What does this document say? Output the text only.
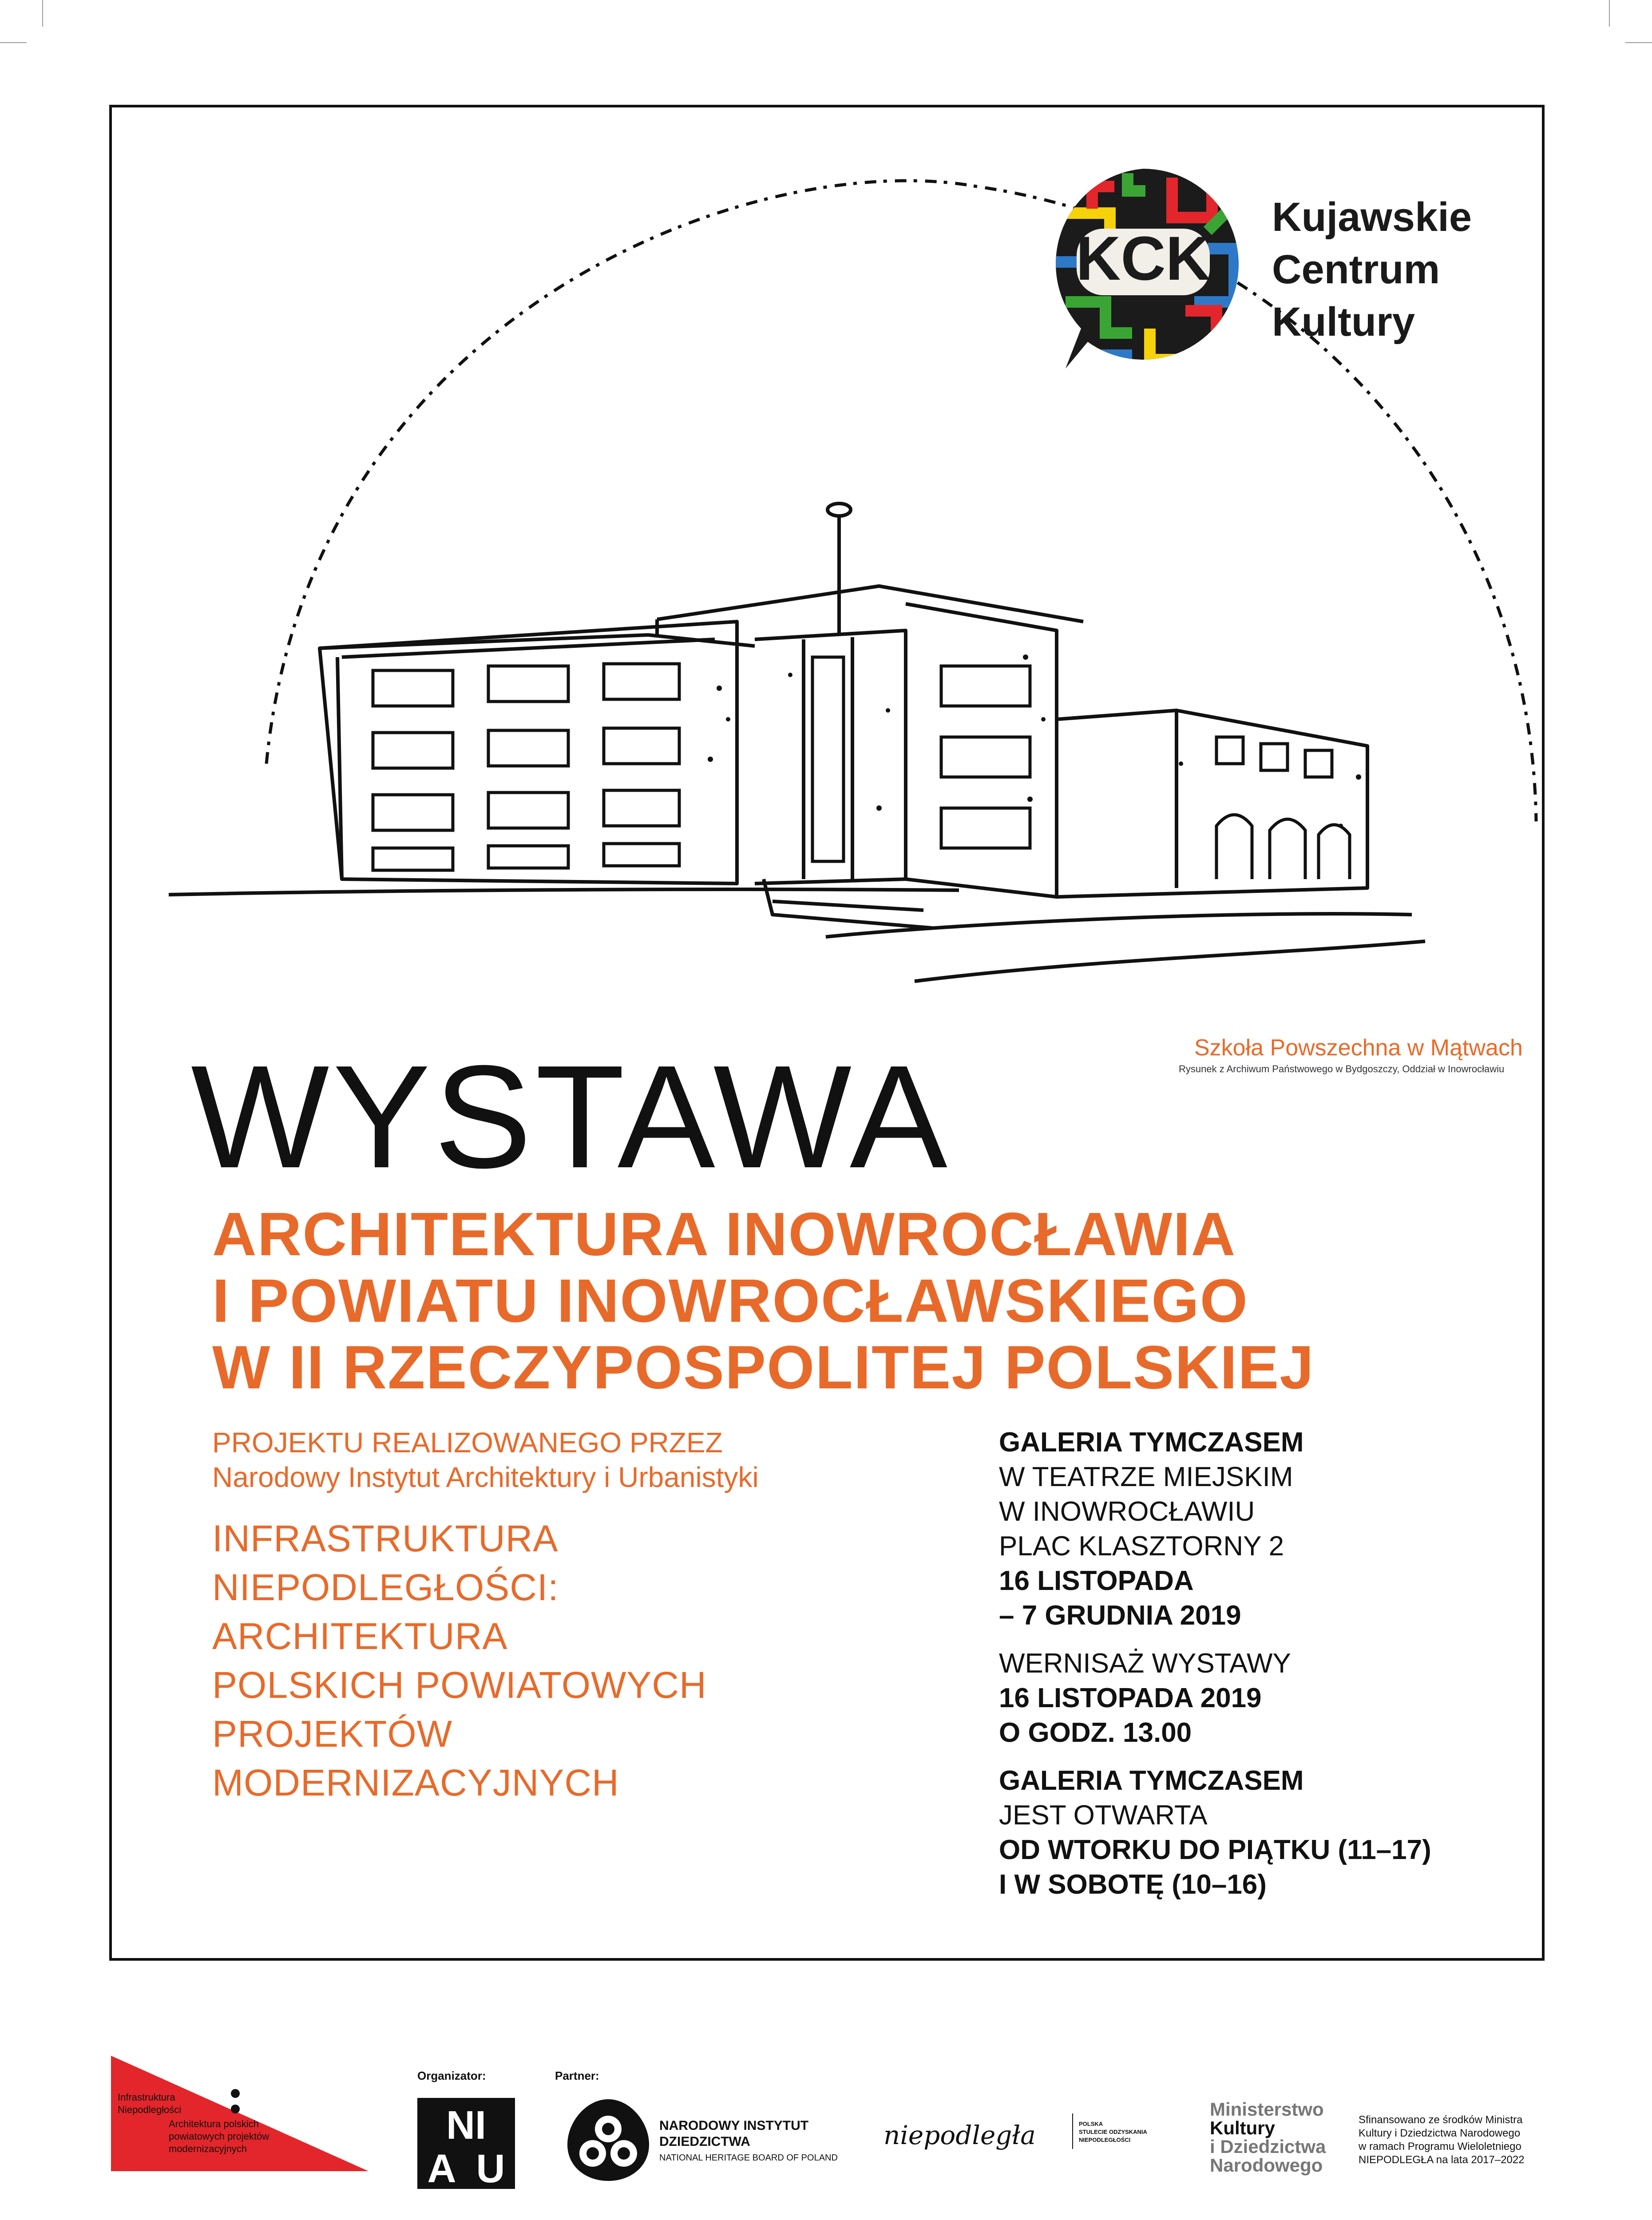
KCK
Kujawskie
Centrum
Kultury
Szkoła Powszechna w Mątwach
Rysunek z Archiwum Państwowego w Bydgoszczy, Oddział w Inowrocławiu
WYSTAWA
ARCHITEKTURA INOWROCŁAWIA
I POWIATU INOWROCŁAWSKIEGO
W II RZECZYPOSPOLITEJ POLSKIEJ
PROJEKTU REALIZOWANEGO PRZEZ
Narodowy Instytut Architektury i Urbanistyki
INFRASTRUKTURA
NIEPODLEGŁOŚCI:
ARCHITEKTURA
POLSKICH POWIATOWYCH
PROJEKTÓW
MODERNIZACYJNYCH
GALERIA TYMCZASEM
W TEATRZE MIEJSKIM
W INOWROCŁAWIU
PLAC KLASZTORNY 2
16 LISTOPADA
– 7 GRUDNIA 2019
WERNISAŻ WYSTAWY
16 LISTOPADA 2019
O GODZ. 13.00
GALERIA TYMCZASEM
JEST OTWARTA
OD WTORKU DO PIĄTKU (11–17)
I W SOBOTĘ (10–16)
Infrastruktura
Niepodległości
Architektura polskich
powiatowych projektów
modernizacyjnych
Organizator:
NI
A U
Partner:
NARODOWY INSTYTUT
DZIEDZICTWA
NATIONAL HERITAGE BOARD OF POLAND
niepodległa	POLSKA
STULECIE ODZYSKANIA
NIEPODLEGŁOŚCI
Ministerstwo
Kultury
i Dziedzictwa
Narodowego
Sfinansowano ze środków Ministra
Kultury i Dziedzictwa Narodowego
w ramach Programu Wieloletniego
NIEPODLEGŁA na lata 2017–2022
